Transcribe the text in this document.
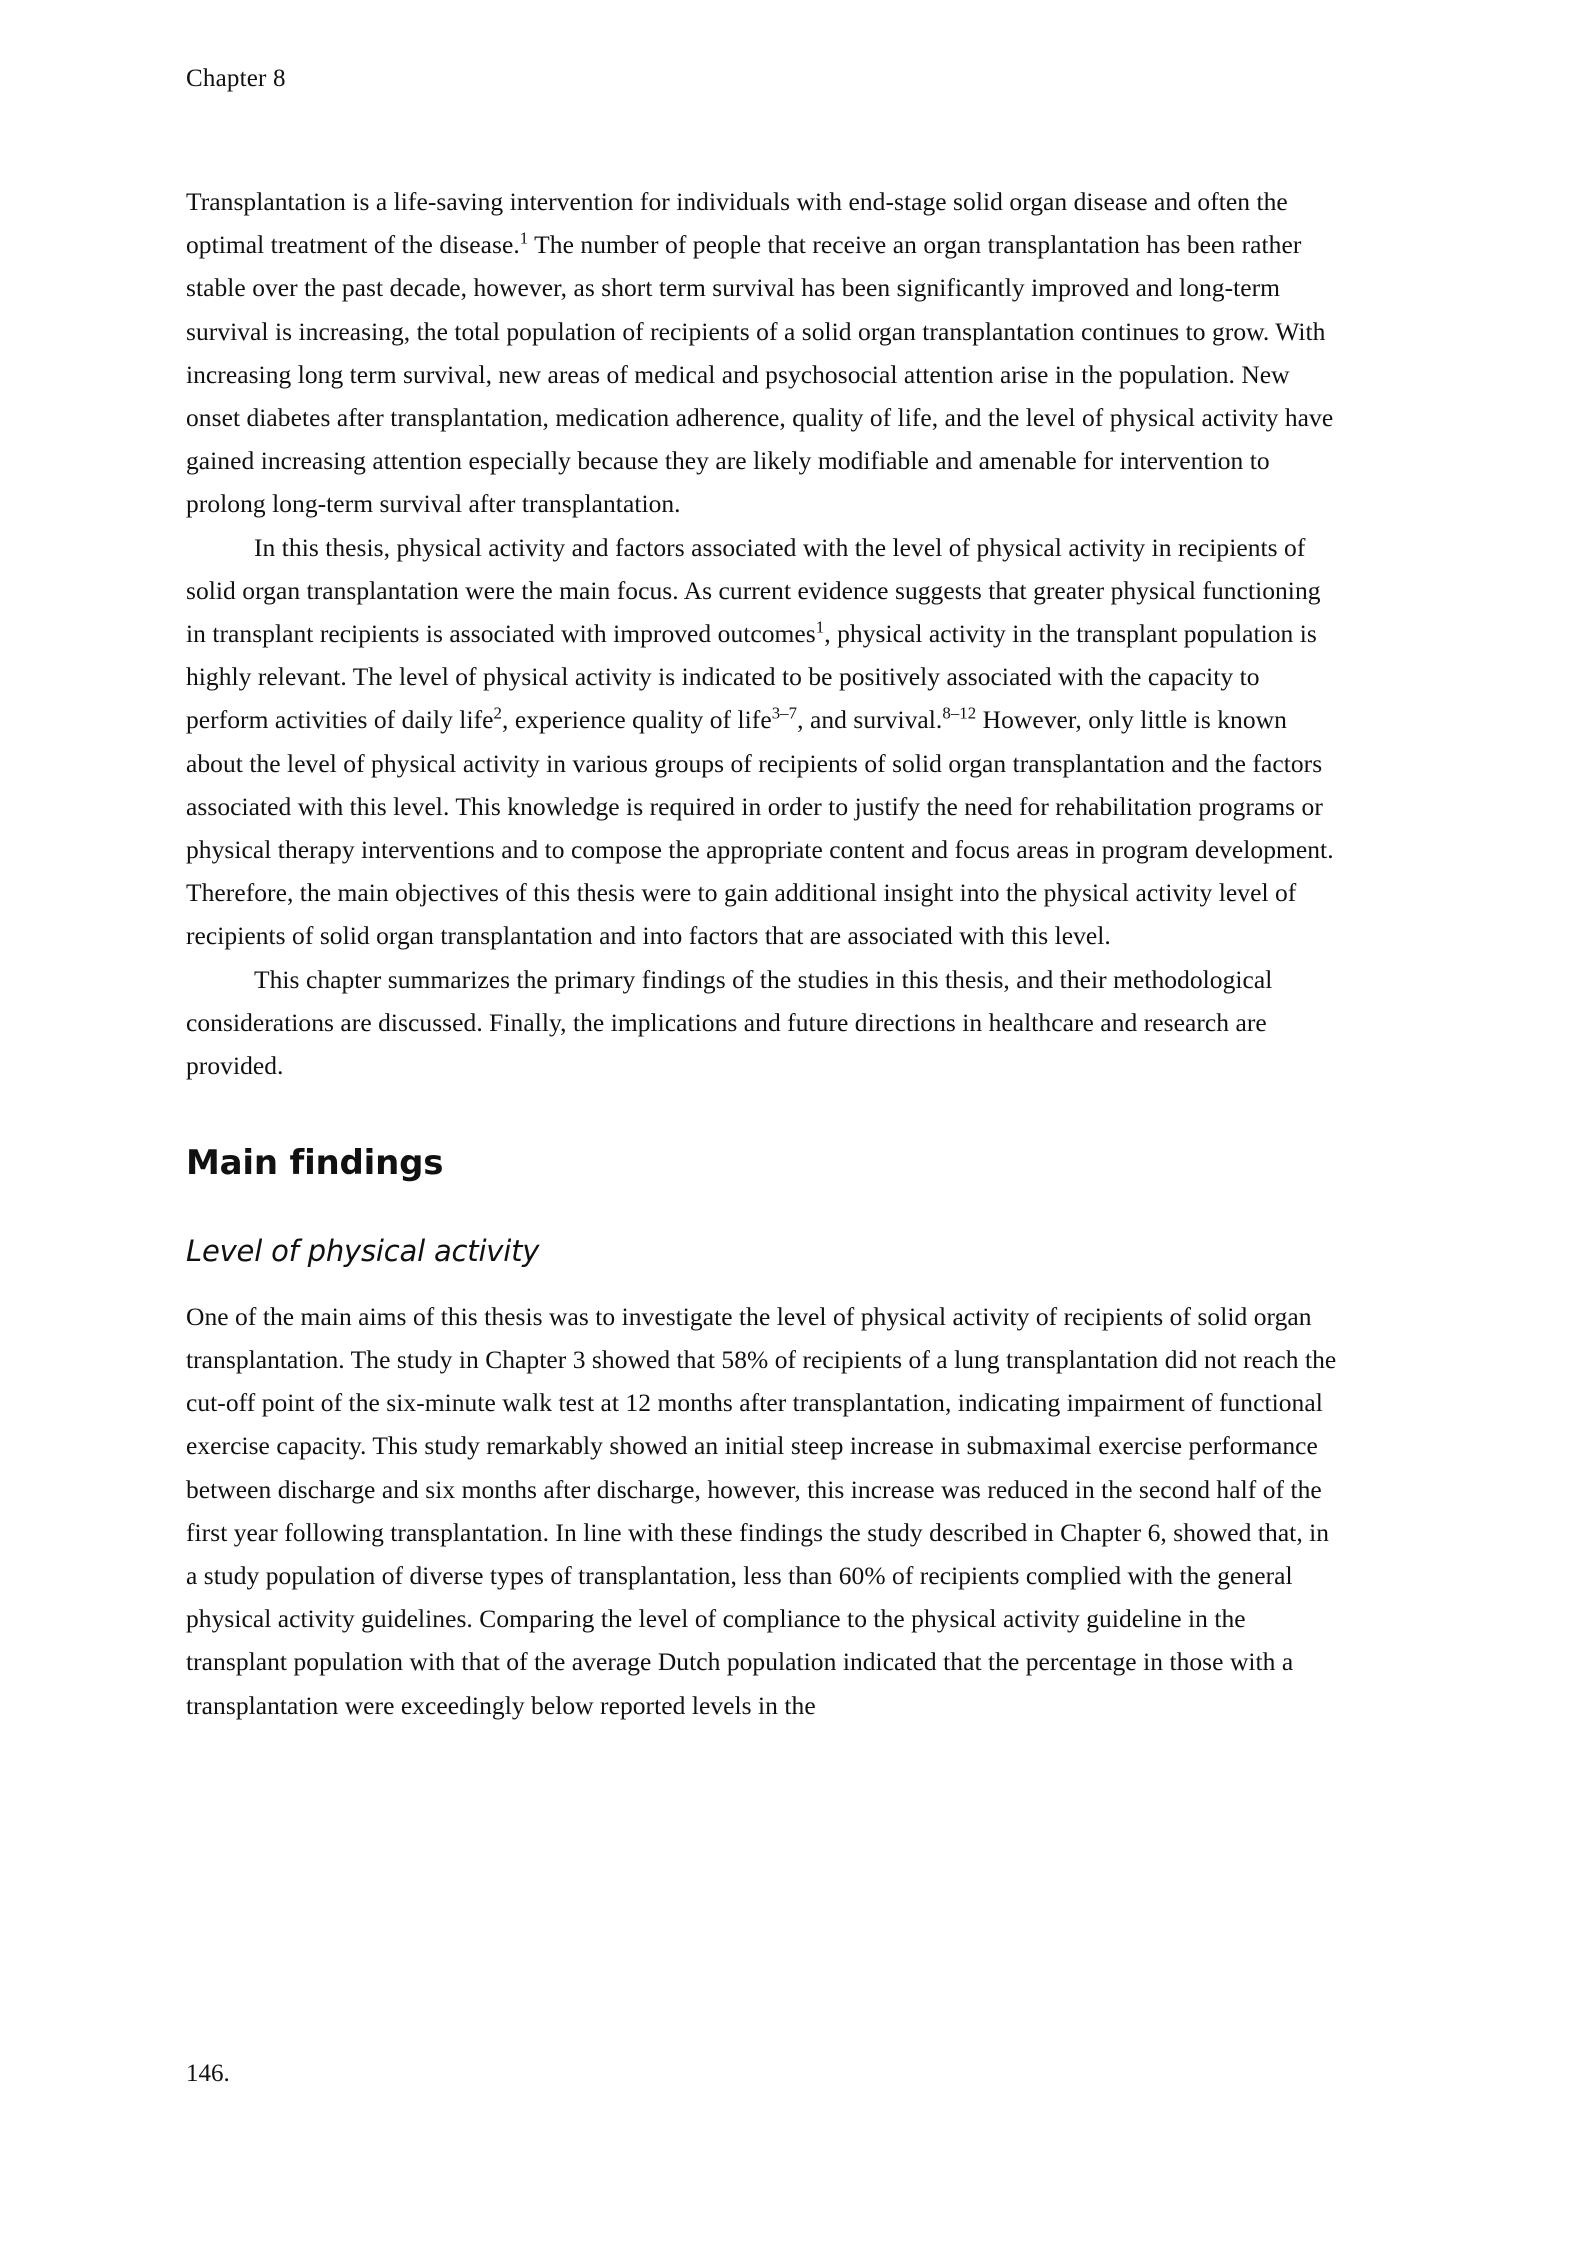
Chapter 8

Transplantation is a life-saving intervention for individuals with end-stage solid organ disease and often the optimal treatment of the disease.$^1$ The number of people that receive an organ transplantation has been rather stable over the past decade, however, as short term survival has been significantly improved and long-term survival is increasing, the total population of recipients of a solid organ transplantation continues to grow. With increasing long term survival, new areas of medical and psychosocial attention arise in the population. New onset diabetes after transplantation, medication adherence, quality of life, and the level of physical activity have gained increasing attention especially because they are likely modifiable and amenable for intervention to prolong long-term survival after transplantation.

In this thesis, physical activity and factors associated with the level of physical activity in recipients of solid organ transplantation were the main focus. As current evidence suggests that greater physical functioning in transplant recipients is associated with improved outcomes$^1$, physical activity in the transplant population is highly relevant. The level of physical activity is indicated to be positively associated with the capacity to perform activities of daily life$^2$, experience quality of life$^{3-7}$, and survival.$^{8-12}$ However, only little is known about the level of physical activity in various groups of recipients of solid organ transplantation and the factors associated with this level. This knowledge is required in order to justify the need for rehabilitation programs or physical therapy interventions and to compose the appropriate content and focus areas in program development. Therefore, the main objectives of this thesis were to gain additional insight into the physical activity level of recipients of solid organ transplantation and into factors that are associated with this level.

This chapter summarizes the primary findings of the studies in this thesis, and their methodological considerations are discussed. Finally, the implications and future directions in healthcare and research are provided.

Main findings
Level of physical activity

One of the main aims of this thesis was to investigate the level of physical activity of recipients of solid organ transplantation. The study in Chapter 3 showed that 58% of recipients of a lung transplantation did not reach the cut-off point of the six-minute walk test at 12 months after transplantation, indicating impairment of functional exercise capacity. This study remarkably showed an initial steep increase in submaximal exercise performance between discharge and six months after discharge, however, this increase was reduced in the second half of the first year following transplantation. In line with these findings the study described in Chapter 6, showed that, in a study population of diverse types of transplantation, less than 60% of recipients complied with the general physical activity guidelines. Comparing the level of compliance to the physical activity guideline in the transplant population with that of the average Dutch population indicated that the percentage in those with a transplantation were exceedingly below reported levels in the

146.
